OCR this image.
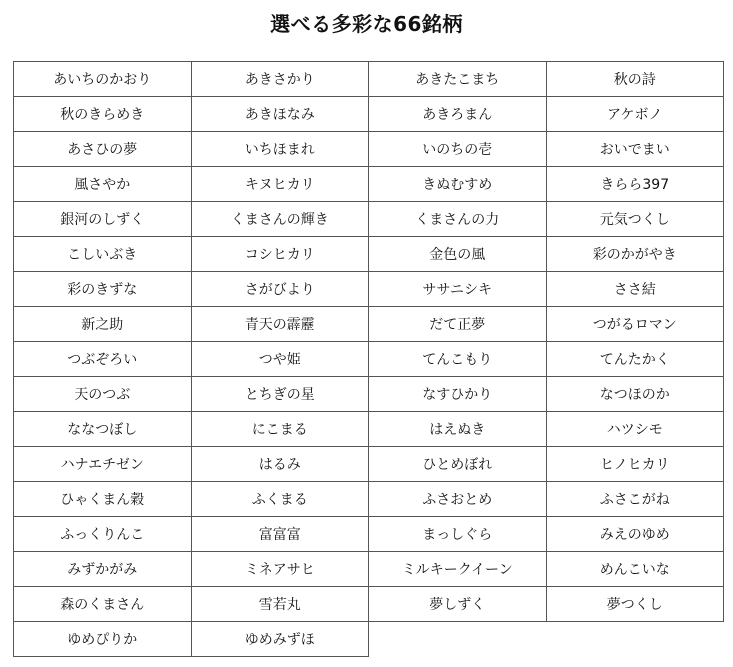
選べる多彩な66銘柄
あいちのかおり	あきさかり	あきたこまち	秋の詩
秋のきらめき	あきほなみ	あきろまん	アケボノ
あさひの夢	いちほまれ	いのちの壱	おいでまい
風さやか	キヌヒカリ	きぬむすめ	きらら397
銀河のしずく	くまさんの輝き	くまさんの力	元気つくし
こしいぶき	コシヒカリ	金色の風	彩のかがやき
彩のきずな	さがびより	ササニシキ	ささ結
新之助	青天の霹靂	だて正夢	つがるロマン
つぶぞろい	つや姫	てんこもり	てんたかく
天のつぶ	とちぎの星	なすひかり	なつほのか
ななつぼし	にこまる	はえぬき	ハツシモ
ハナエチゼン	はるみ	ひとめぼれ	ヒノヒカリ
ひゃくまん穀	ふくまる	ふさおとめ	ふさこがね
ふっくりんこ	富富富	まっしぐら	みえのゆめ
みずかがみ	ミネアサヒ	ミルキークイーン	めんこいな
森のくまさん	雪若丸	夢しずく	夢つくし
ゆめぴりか	ゆめみずほ
